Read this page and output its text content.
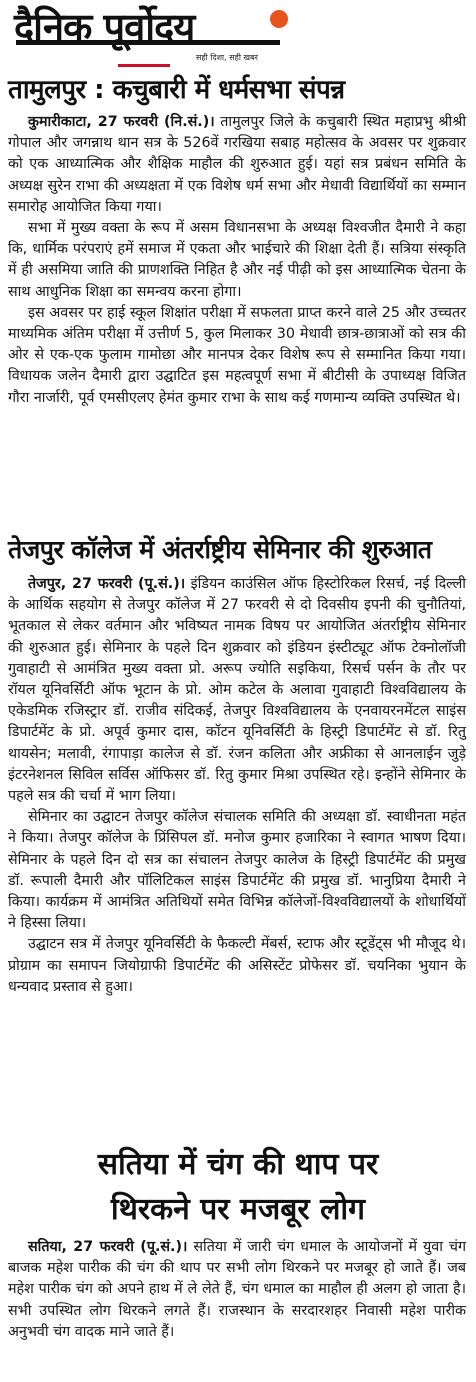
दैनिक पूर्वोदय
सही दिशा, सही खबर
तामुलपुर : कचुबारी में धर्मसभा संपन्न

कुमारीकाटा, 27 फरवरी (नि.सं.)। तामुलपुर जिले के कचुबारी स्थित महाप्रभु श्रीश्री गोपाल और जगन्नाथ थान सत्र के 526वें गरखिया सबाह महोत्सव के अवसर पर शुक्रवार को एक आध्यात्मिक और शैक्षिक माहौल की शुरुआत हुई। यहां सत्र प्रबंधन समिति के अध्यक्ष सुरेन राभा की अध्यक्षता में एक विशेष धर्म सभा और मेधावी विद्यार्थियों का सम्मान समारोह आयोजित किया गया।

सभा में मुख्य वक्ता के रूप में असम विधानसभा के अध्यक्ष विश्वजीत दैमारी ने कहा कि, धार्मिक परंपराएं हमें समाज में एकता और भाईचारे की शिक्षा देती हैं। सत्रिया संस्कृति में ही असमिया जाति की प्राणशक्ति निहित है और नई पीढ़ी को इस आध्यात्मिक चेतना के साथ आधुनिक शिक्षा का समन्वय करना होगा।

इस अवसर पर हाई स्कूल शिक्षांत परीक्षा में सफलता प्राप्त करने वाले 25 और उच्चतर माध्यमिक अंतिम परीक्षा में उत्तीर्ण 5, कुल मिलाकर 30 मेधावी छात्र-छात्राओं को सत्र की ओर से एक-एक फुलाम गामोछा और मानपत्र देकर विशेष रूप से सम्मानित किया गया। विधायक जलेन दैमारी द्वारा उद्घाटित इस महत्वपूर्ण सभा में बीटीसी के उपाध्यक्ष विजित गौरा नार्जारी, पूर्व एमसीएलए हेमंत कुमार राभा के साथ कई गणमान्य व्यक्ति उपस्थित थे।

तेजपुर कॉलेज में अंतर्राष्ट्रीय सेमिनार की शुरुआत

तेजपुर, 27 फरवरी (पू.सं.)। इंडियन काउंसिल ऑफ हिस्टोरिकल रिसर्च, नई दिल्ली के आर्थिक सहयोग से तेजपुर कॉलेज में 27 फरवरी से दो दिवसीय इपनी की चुनौतियां, भूतकाल से लेकर वर्तमान और भविष्यत नामक विषय पर आयोजित अंतर्राष्ट्रीय सेमिनार की शुरुआत हुई। सेमिनार के पहले दिन शुक्रवार को इंडियन इंस्टीट्यूट ऑफ टेक्नोलॉजी गुवाहाटी से आमंत्रित मुख्य वक्ता प्रो. अरूप ज्योति सइकिया, रिसर्च पर्सन के तौर पर रॉयल यूनिवर्सिटी ऑफ भूटान के प्रो. ओम कटेल के अलावा गुवाहाटी विश्वविद्यालय के एकेडमिक रजिस्ट्रार डॉ. राजीव संदिकई, तेजपुर विश्वविद्यालय के एनवायरनमेंटल साइंस डिपार्टमेंट के प्रो. अपूर्व कुमार दास, कॉटन यूनिवर्सिटी के हिस्ट्री डिपार्टमेंट से डॉ. रितु थायसेन; मलावी, रंगापाड़ा कालेज से डॉ. रंजन कलिता और अफ्रीका से आनलाईन जुड़े इंटरनेशनल सिविल सर्विस ऑफिसर डॉ. रितु कुमार मिश्रा उपस्थित रहे। इन्होंने सेमिनार के पहले सत्र की चर्चा में भाग लिया।

सेमिनार का उद्घाटन तेजपुर कॉलेज संचालक समिति की अध्यक्षा डॉ. स्वाधीनता महंत ने किया। तेजपुर कॉलेज के प्रिंसिपल डॉ. मनोज कुमार हजारिका ने स्वागत भाषण दिया। सेमिनार के पहले दिन दो सत्र का संचालन तेजपुर कालेज के हिस्ट्री डिपार्टमेंट की प्रमुख डॉ. रूपाली दैमारी और पॉलिटिकल साइंस डिपार्टमेंट की प्रमुख डॉ. भानुप्रिया दैमारी ने किया। कार्यक्रम में आमंत्रित अतिथियों समेत विभिन्न कॉलेजों-विश्वविद्यालयों के शोधार्थियों ने हिस्सा लिया।

उद्घाटन सत्र में तेजपुर यूनिवर्सिटी के फैकल्टी मेंबर्स, स्टाफ और स्टूडेंट्स भी मौजूद थे। प्रोग्राम का समापन जियोग्राफी डिपार्टमेंट की असिस्टेंट प्रोफेसर डॉ. चयनिका भुयान के धन्यवाद प्रस्ताव से हुआ।

सतिया में चंग की थाप पर
थिरकने पर मजबूर लोग

सतिया, 27 फरवरी (पू.सं.)। सतिया में जारी चंग धमाल के आयोजनों में युवा चंग बाजक महेश पारीक की चंग की थाप पर सभी लोग थिरकने पर मजबूर हो जाते हैं। जब महेश पारीक चंग को अपने हाथ में ले लेते हैं, चंग धमाल का माहौल ही अलग हो जाता है। सभी उपस्थित लोग थिरकने लगते हैं। राजस्थान के सरदारशहर निवासी महेश पारीक अनुभवी चंग वादक माने जाते हैं।
